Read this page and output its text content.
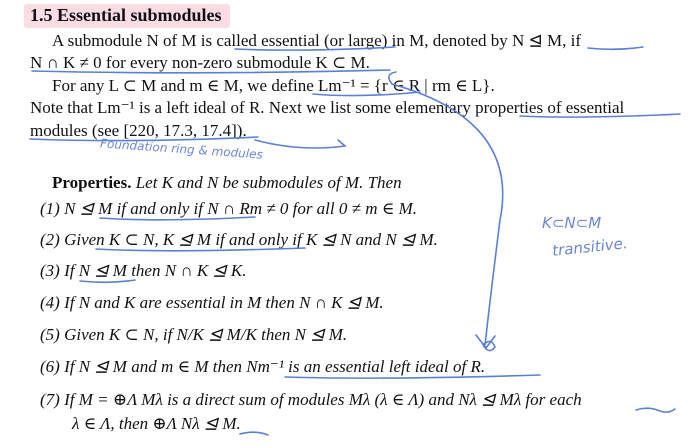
1.5 Essential submodules
A submodule N of M is called essential (or large) in M, denoted by N ⊴ M, if
N ∩ K ≠ 0 for every non-zero submodule K ⊂ M.
For any L ⊂ M and m ∈ M, we define Lm⁻¹ = {r ∈ R | rm ∈ L}.
Note that Lm⁻¹ is a left ideal of R. Next we list some elementary properties of essential
modules (see [220, 17.3, 17.4]).
Foundation ring & modules
Properties. Let K and N be submodules of M. Then
(1) N ⊴ M if and only if N ∩ Rm ≠ 0 for all 0 ≠ m ∈ M.
(2) Given K ⊂ N, K ⊴ M if and only if K ⊴ N and N ⊴ M.
(3) If N ⊴ M then N ∩ K ⊴ K.
(4) If N and K are essential in M then N ∩ K ⊴ M.
(5) Given K ⊂ N, if N/K ⊴ M/K then N ⊴ M.
(6) If N ⊴ M and m ∈ M then Nm⁻¹ is an essential left ideal of R.
(7) If M = ⊕Λ Mλ is a direct sum of modules Mλ (λ ∈ Λ) and Nλ ⊴ Mλ for each
λ ∈ Λ, then ⊕Λ Nλ ⊴ M.
K⊂N⊂M
transitive.
